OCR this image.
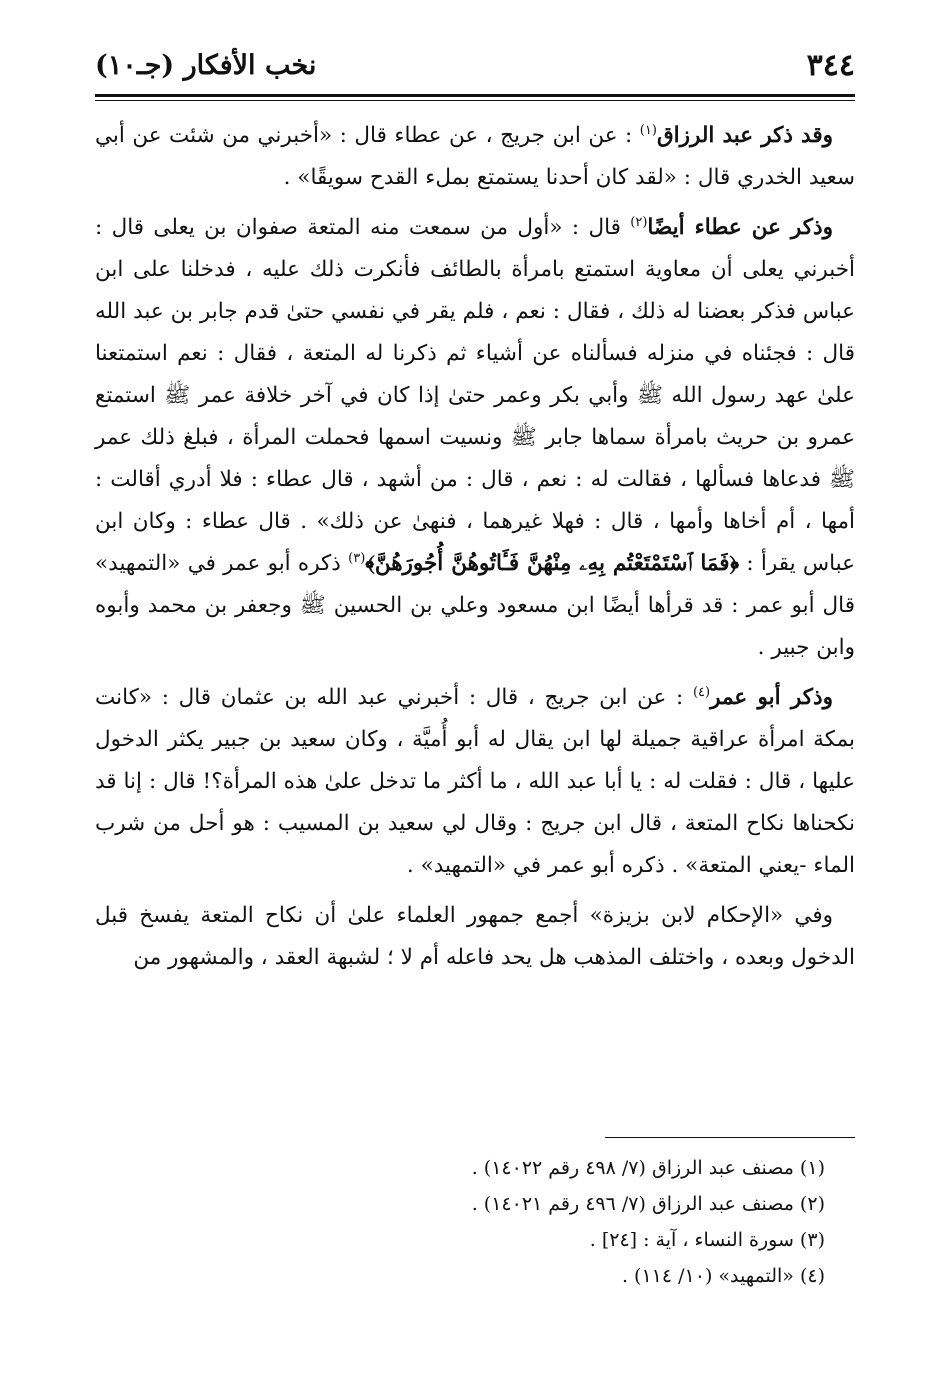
٣٤٤
نخب الأفكار (جـ١٠)

وقد ذكر عبد الرزاق$^{(١)}$ : عن ابن جريج ، عن عطاء قال : «أخبرني من شئت عن أبي سعيد الخدري قال : «لقد كان أحدنا يستمتع بملء القدح سويقًا» .

وذكر عن عطاء أيضًا$^{(٢)}$ قال : «أول من سمعت منه المتعة صفوان بن يعلى قال : أخبرني يعلى أن معاوية استمتع بامرأة بالطائف فأنكرت ذلك عليه ، فدخلنا على ابن عباس فذكر بعضنا له ذلك ، فقال : نعم ، فلم يقر في نفسي حتىٰ قدم جابر بن عبد الله قال : فجئناه في منزله فسألناه عن أشياء ثم ذكرنا له المتعة ، فقال : نعم استمتعنا علىٰ عهد رسول الله ﷺ وأبي بكر وعمر حتىٰ إذا كان في آخر خلافة عمر ﷺ استمتع عمرو بن حريث بامرأة سماها جابر ﷺ ونسيت اسمها فحملت المرأة ، فبلغ ذلك عمر ﷺ فدعاها فسألها ، فقالت له : نعم ، قال : من أشهد ، قال عطاء : فلا أدري أقالت : أمها ، أم أخاها وأمها ، قال : فهلا غيرهما ، فنهىٰ عن ذلك» . قال عطاء : وكان ابن عباس يقرأ : ﴿فَمَا ٱسْتَمْتَعْتُم بِهِۦ مِنْهُنَّ فَـَٔاتُوهُنَّ أُجُورَهُنَّ﴾$^{(٣)}$ ذكره أبو عمر في «التمهيد» قال أبو عمر : قد قرأها أيضًا ابن مسعود وعلي بن الحسين ﷺ وجعفر بن محمد وأبوه وابن جبير .

وذكر أبو عمر$^{(٤)}$ : عن ابن جريج ، قال : أخبرني عبد الله بن عثمان قال : «كانت بمكة امرأة عراقية جميلة لها ابن يقال له أبو أُميَّة ، وكان سعيد بن جبير يكثر الدخول عليها ، قال : فقلت له : يا أبا عبد الله ، ما أكثر ما تدخل علىٰ هذه المرأة؟! قال : إنا قد نكحناها نكاح المتعة ، قال ابن جريج : وقال لي سعيد بن المسيب : هو أحل من شرب الماء -يعني المتعة» . ذكره أبو عمر في «التمهيد» .

وفي «الإحكام لابن بزيزة» أجمع جمهور العلماء علىٰ أن نكاح المتعة يفسخ قبل الدخول وبعده ، واختلف المذهب هل يحد فاعله أم لا ؛ لشبهة العقد ، والمشهور من

(١) مصنف عبد الرزاق (٧/ ٤٩٨ رقم ١٤٠٢٢) .

(٢) مصنف عبد الرزاق (٧/ ٤٩٦ رقم ١٤٠٢١) .

(٣) سورة النساء ، آية : [٢٤] .

(٤) «التمهيد» (١٠/ ١١٤) .
